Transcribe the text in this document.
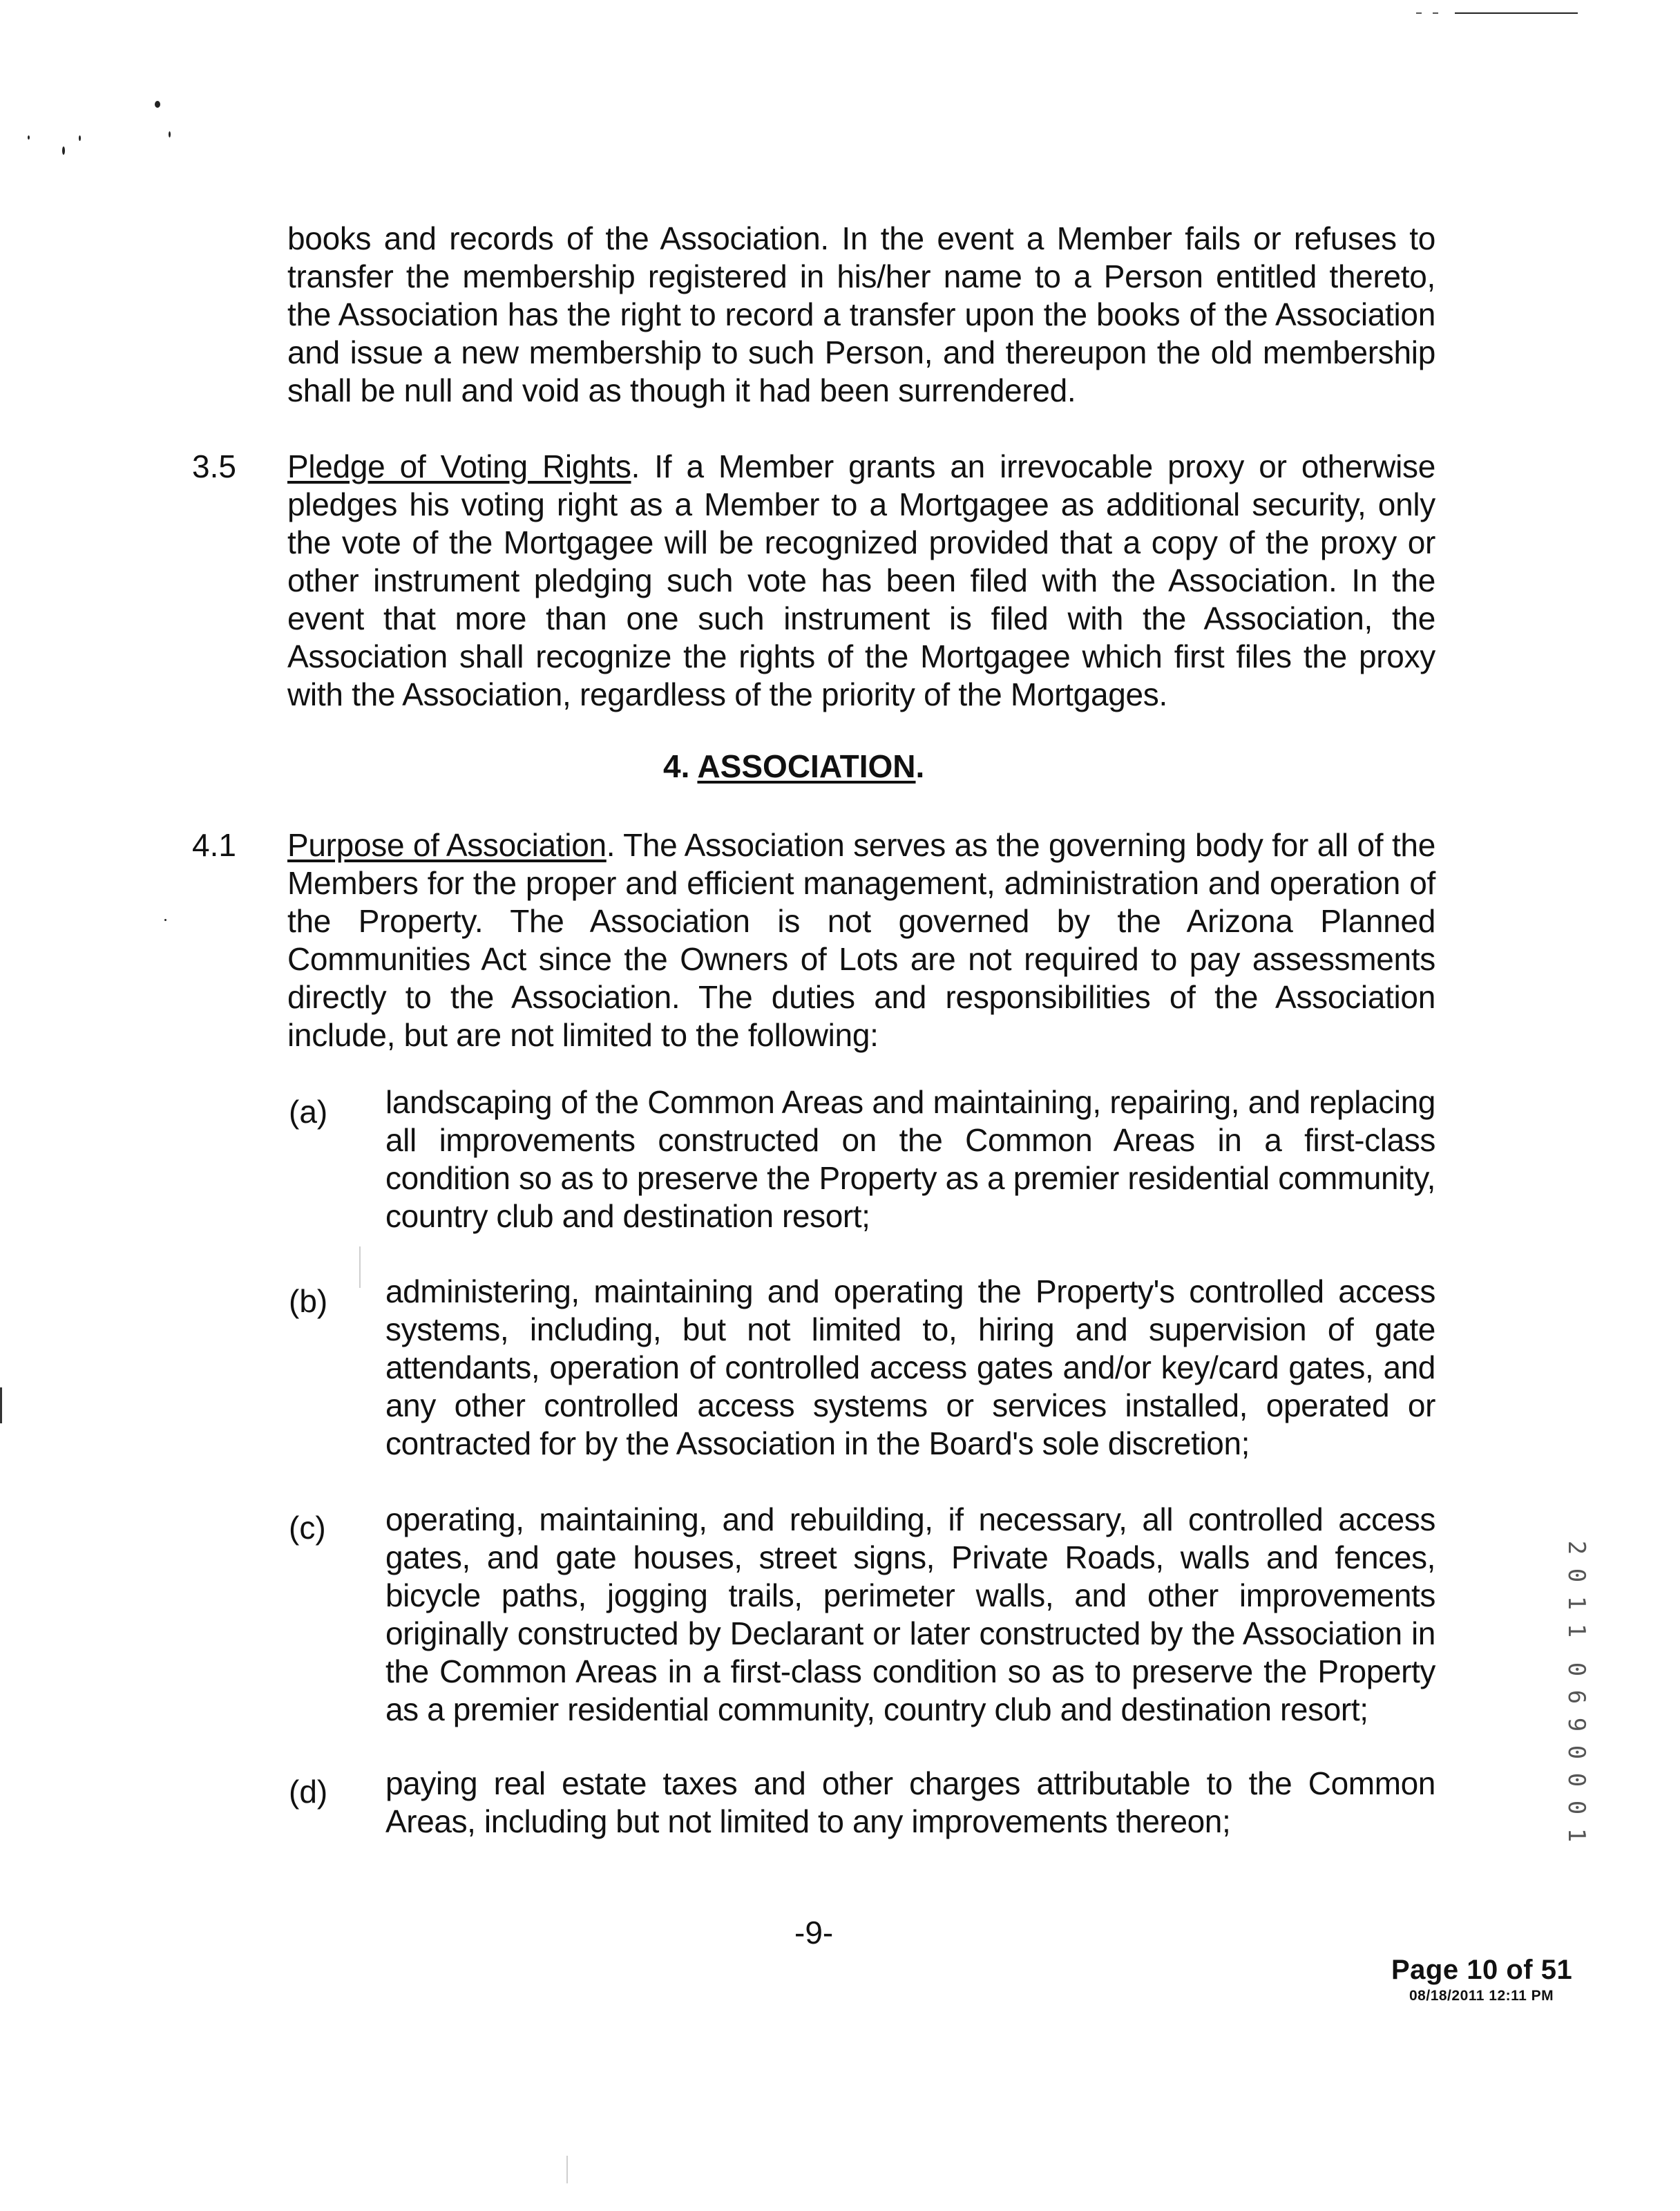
books and records of the Association. In the event a Member fails or refuses to transfer the membership registered in his/her name to a Person entitled thereto, the Association has the right to record a transfer upon the books of the Association and issue a new membership to such Person, and thereupon the old membership shall be null and void as though it had been surrendered.

3.5 Pledge of Voting Rights. If a Member grants an irrevocable proxy or otherwise pledges his voting right as a Member to a Mortgagee as additional security, only the vote of the Mortgagee will be recognized provided that a copy of the proxy or other instrument pledging such vote has been filed with the Association. In the event that more than one such instrument is filed with the Association, the Association shall recognize the rights of the Mortgagee which first files the proxy with the Association, regardless of the priority of the Mortgages.

4. ASSOCIATION.
4.1 Purpose of Association. The Association serves as the governing body for all of the Members for the proper and efficient management, administration and operation of the Property. The Association is not governed by the Arizona Planned Communities Act since the Owners of Lots are not required to pay assessments directly to the Association. The duties and responsibilities of the Association include, but are not limited to the following:

(a) landscaping of the Common Areas and maintaining, repairing, and replacing all improvements constructed on the Common Areas in a first-class condition so as to preserve the Property as a premier residential community, country club and destination resort;

(b) administering, maintaining and operating the Property's controlled access systems, including, but not limited to, hiring and supervision of gate attendants, operation of controlled access gates and/or key/card gates, and any other controlled access systems or services installed, operated or contracted for by the Association in the Board's sole discretion;

(c) operating, maintaining, and rebuilding, if necessary, all controlled access gates, and gate houses, street signs, Private Roads, walls and fences, bicycle paths, jogging trails, perimeter walls, and other improvements originally constructed by Declarant or later constructed by the Association in the Common Areas in a first-class condition so as to preserve the Property as a premier residential community, country club and destination resort;

(d) paying real estate taxes and other charges attributable to the Common Areas, including but not limited to any improvements thereon;

-9-
Page 10 of 51
08/18/2011 12:11 PM
2
0
1
1
0
6
9
0
0
0
1
